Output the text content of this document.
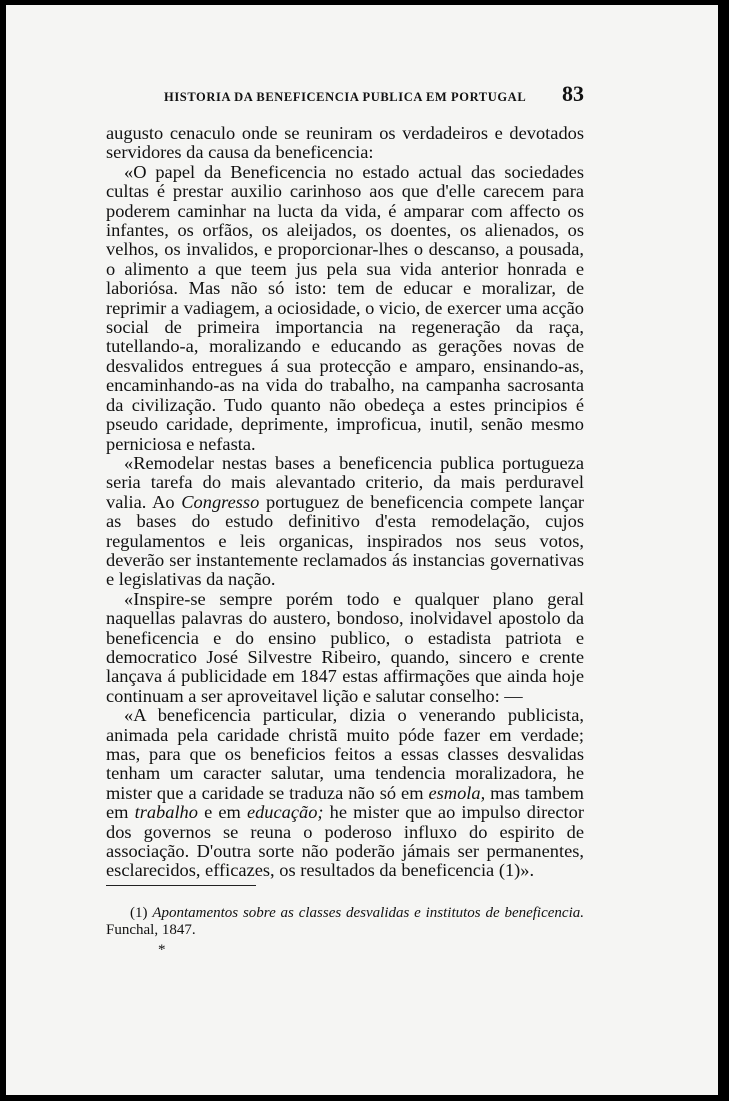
HISTORIA DA BENEFICENCIA PUBLICA EM PORTUGAL 83

augusto cenaculo onde se reuniram os verdadeiros e devotados servidores da causa da beneficencia:

«O papel da Beneficencia no estado actual das sociedades cultas é prestar auxilio carinhoso aos que d'elle carecem para poderem caminhar na lucta da vida, é amparar com affecto os infantes, os orfãos, os aleijados, os doentes, os alienados, os velhos, os invalidos, e proporcionar-lhes o descanso, a pousada, o alimento a que teem jus pela sua vida anterior honrada e laboriósa. Mas não só isto: tem de educar e moralizar, de reprimir a vadiagem, a ociosidade, o vicio, de exercer uma acção social de primeira importancia na regeneração da raça, tutellando-a, moralizando e educando as gerações novas de desvalidos entregues á sua protecção e amparo, ensinando-as, encaminhando-as na vida do trabalho, na campanha sacrosanta da civilização. Tudo quanto não obedeça a estes principios é pseudo caridade, deprimente, improficua, inutil, senão mesmo perniciosa e nefasta.

«Remodelar nestas bases a beneficencia publica portugueza seria tarefa do mais alevantado criterio, da mais perduravel valia. Ao Congresso portuguez de beneficencia compete lançar as bases do estudo definitivo d'esta remodelação, cujos regulamentos e leis organicas, inspirados nos seus votos, deverão ser instantemente reclamados ás instancias governativas e legislativas da nação.

«Inspire-se sempre porém todo e qualquer plano geral naquellas palavras do austero, bondoso, inolvidavel apostolo da beneficencia e do ensino publico, o estadista patriota e democratico José Silvestre Ribeiro, quando, sincero e crente lançava á publicidade em 1847 estas affirmações que ainda hoje continuam a ser aproveitavel lição e salutar conselho: —

«A beneficencia particular, dizia o venerando publicista, animada pela caridade christã muito póde fazer em verdade; mas, para que os beneficios feitos a essas classes desvalidas tenham um caracter salutar, uma tendencia moralizadora, he mister que a caridade se traduza não só em esmola, mas tambem em trabalho e em educação; he mister que ao impulso director dos governos se reuna o poderoso influxo do espirito de associação. D'outra sorte não poderão jámais ser permanentes, esclarecidos, efficazes, os resultados da beneficencia (1)».

(1) Apontamentos sobre as classes desvalidas e institutos de beneficencia. Funchal, 1847.
*
